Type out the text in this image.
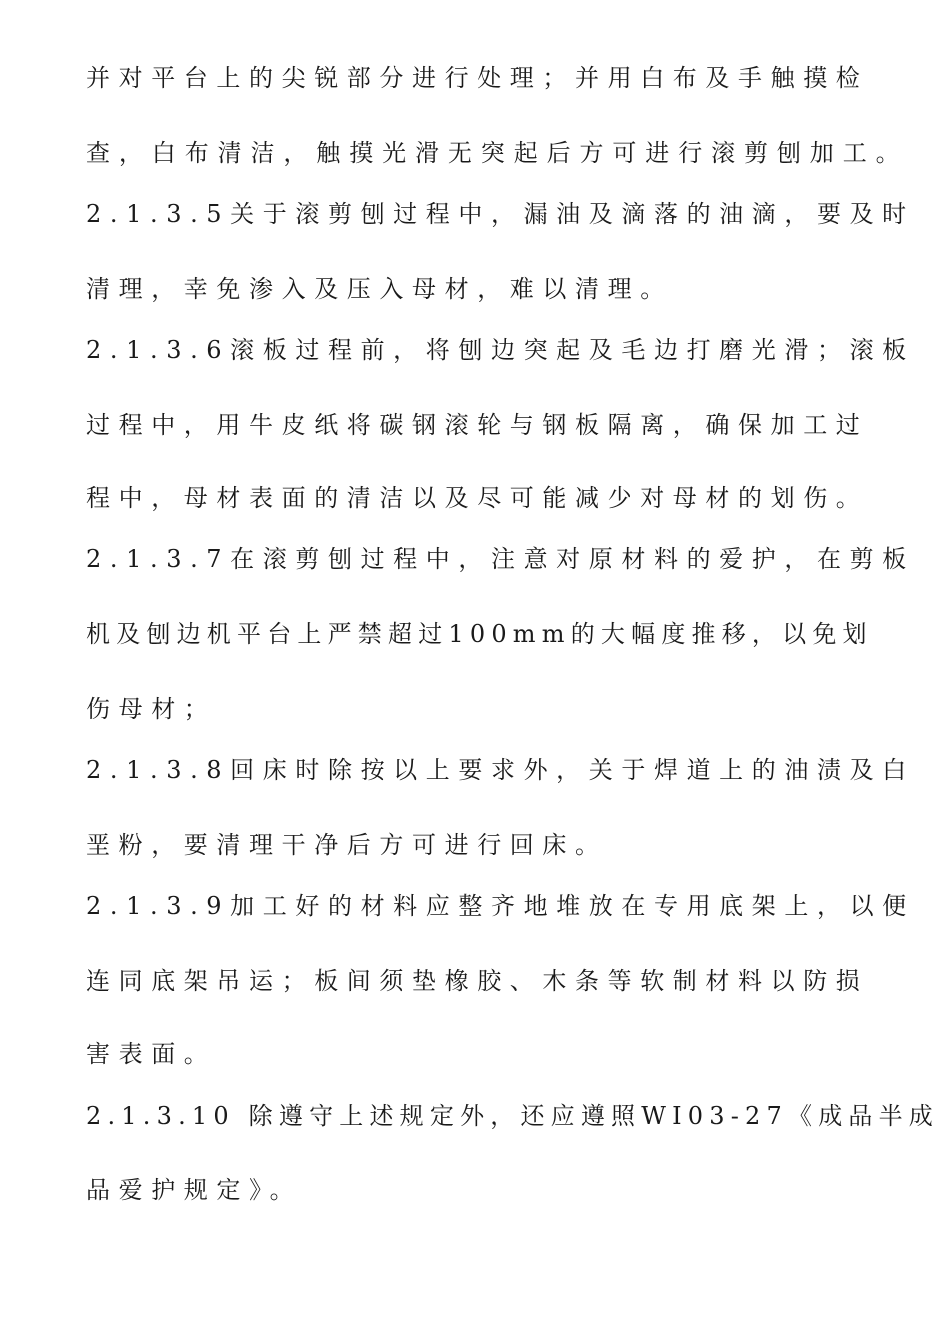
并对平台上的尖锐部分进行处理；并用白布及手触摸检

查，白布清洁，触摸光滑无突起后方可进行滚剪刨加工。

2.1.3.5关于滚剪刨过程中，漏油及滴落的油滴，要及时

清理，幸免渗入及压入母材，难以清理。

2.1.3.6滚板过程前，将刨边突起及毛边打磨光滑；滚板

过程中，用牛皮纸将碳钢滚轮与钢板隔离，确保加工过

程中，母材表面的清洁以及尽可能减少对母材的划伤。

2.1.3.7在滚剪刨过程中，注意对原材料的爱护，在剪板

机及刨边机平台上严禁超过100mm的大幅度推移，以免划

伤母材；

2.1.3.8回床时除按以上要求外，关于焊道上的油渍及白

垩粉，要清理干净后方可进行回床。

2.1.3.9加工好的材料应整齐地堆放在专用底架上，以便

连同底架吊运；板间须垫橡胶、木条等软制材料以防损

害表面。

2.1.3.10 除遵守上述规定外，还应遵照WI03-27《成品半成

品爱护规定》。
